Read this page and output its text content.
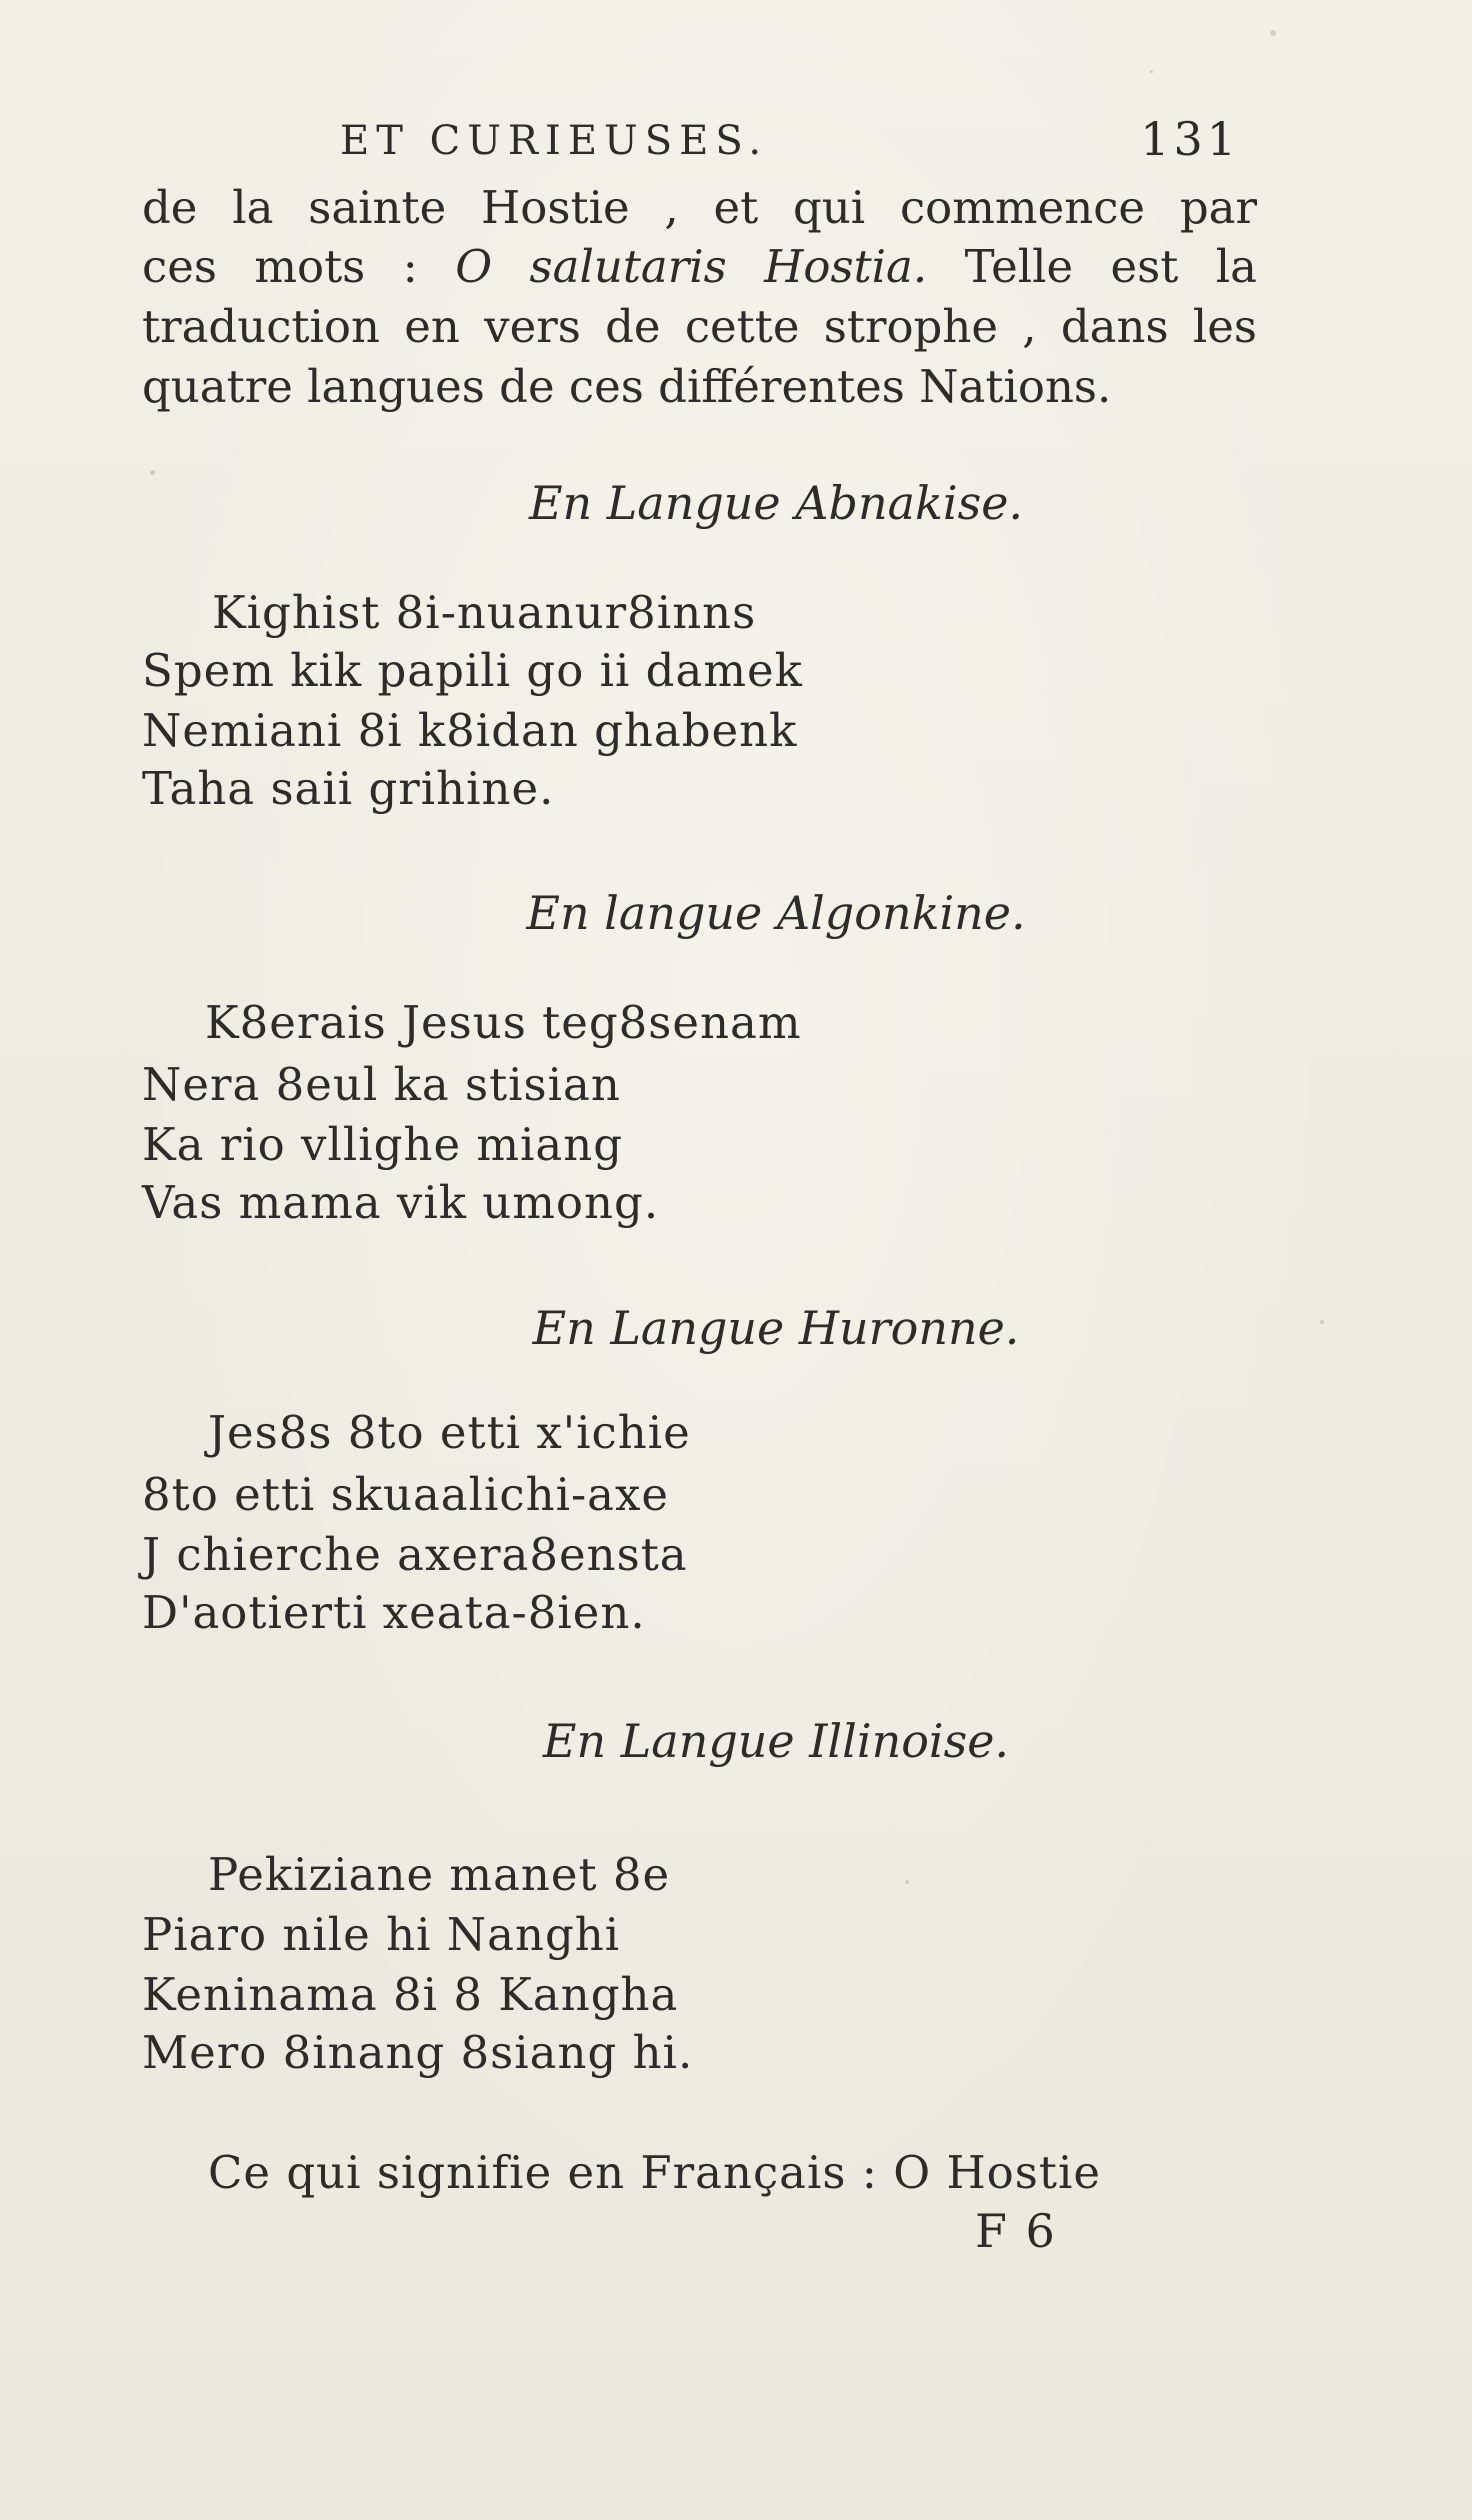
ET CURIEUSES.	131
de la sainte Hostie , et qui commence par
ces mots : O salutaris Hostia. Telle est la
traduction en vers de cette strophe , dans les
quatre langues de ces différentes Nations.
En Langue Abnakise.
Kighist 8i-nuanur8inns
Spem kik papili go ii damek
Nemiani 8i k8idan ghabenk
Taha saii grihine.
En langue Algonkine.
K8erais Jesus teg8senam
Nera 8eul ka stisian
Ka rio vllighe miang
Vas mama vik umong.
En Langue Huronne.
Jes8s 8to etti x'ichie
8to etti skuaalichi-axe
J chierche axera8ensta
D'aotierti xeata-8ien.
En Langue Illinoise.
Pekiziane manet 8e
Piaro nile hi Nanghi
Keninama 8i 8 Kangha
Mero 8inang 8siang hi.
Ce qui signifie en Français : O Hostie
F 6
